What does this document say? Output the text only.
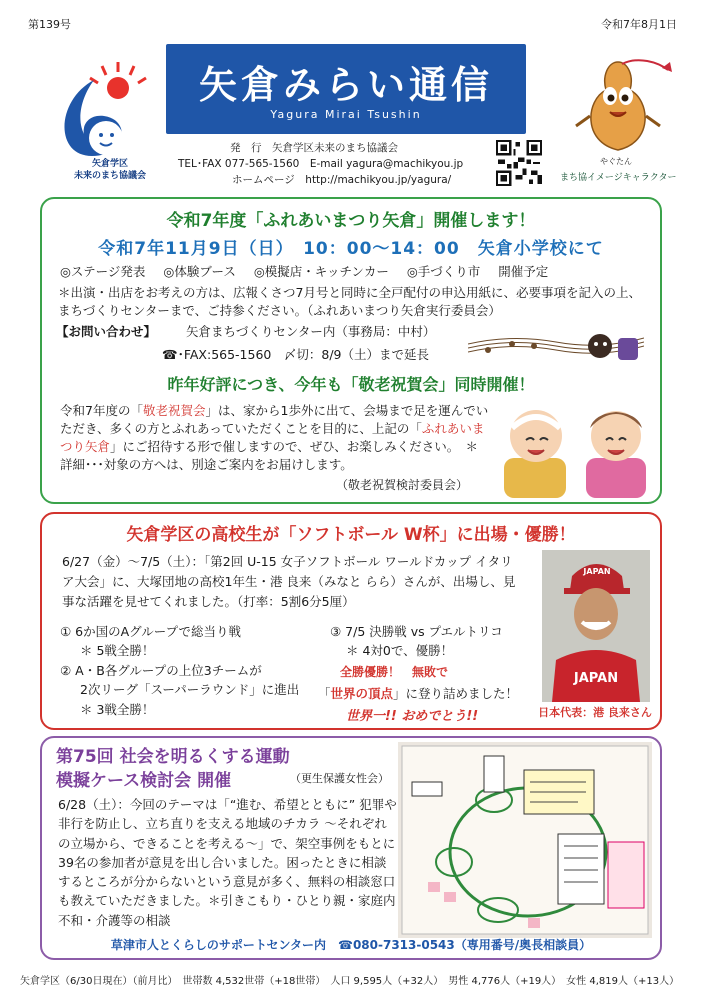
第139号	令和7年8月1日
矢倉学区
未来のまち協議会
矢倉みらい通信
Yagura Mirai Tsushin
発　行　矢倉学区未来のまち協議会
TEL･FAX 077-565-1560　E-mail yagura@machikyou.jp
ホームページ　http://machikyou.jp/yagura/
やぐたん
まち協イメージキャラクター
令和7年度「ふれあいまつり矢倉」開催します！
令和7年11月9日（日）　10：00～14：00　矢倉小学校にて
◎ステージ発表 ◎体験ブース ◎模擬店・キッチンカー ◎手づくり市 開催予定
＊出演・出店をお考えの方は、広報くさつ7月号と同時に全戸配付の申込用紙に、必要事項を記入の上、まちづくりセンターまで、ご持参ください。（ふれあいまつり矢倉実行委員会）
【お問い合わせ】 矢倉まちづくりセンター内（事務局：中村）
☎･FAX:565-1560　〆切：8/9（土）まで延長
昨年好評につき、今年も「敬老祝賀会」同時開催！
令和7年度の「敬老祝賀会」は、家から1歩外に出て、会場まで足を運んでいただき、多くの方とふれあっていただくことを目的に、上記の「ふれあいまつり矢倉」にご招待する形で催しますので、ぜひ、お楽しみください。　＊詳細･･･対象の方へは、別途ご案内をお届けします。
（敬老祝賀検討委員会）
矢倉学区の高校生が「ソフトボール W杯」に出場・優勝！
6/27（金）～7/5（土）：「第2回 U-15 女子ソフトボール ワールドカップ イタリア大会」に、大塚団地の高校1年生・港 良来（みなと らら）さんが、出場し、見事な活躍を見せてくれました。（打率：5割6分5厘）
① 6か国のAグループで総当り戦
＊ 5戦全勝！
② A・B各グループの上位3チームが
2次リーグ「スーパーラウンド」に進出
＊ 3戦全勝！
③ 7/5 決勝戦 vs プエルトリコ
＊ 4対0で、優勝！
全勝優勝！　無敗で
「世界の頂点」に登り詰めました！
世界一!! おめでとう!!
JAPAN
JAPAN
日本代表：港 良来さん
第75回 社会を明るくする運動
模擬ケース検討会 開催	（更生保護女性会）
6/28（土）：今回のテーマは「“進む、希望とともに” 犯罪や非行を防止し、立ち直りを支える地域のチカラ ～それぞれの立場から、できることを考える～」で、架空事例をもとに39名の参加者が意見を出し合いました。困ったときに相談するところが分からないという意見が多く、無料の相談窓口も教えていただきました。＊引きこもり・ひとり親・家庭内不和・介護等の相談
草津市人とくらしのサポートセンター内　☎080-7313-0543（専用番号/奥長相談員）
矢倉学区（6/30日現在）（前月比）　世帯数 4,532世帯（+18世帯）　人口 9,595人（+32人）　男性 4,776人（+19人）　女性 4,819人（+13人）
